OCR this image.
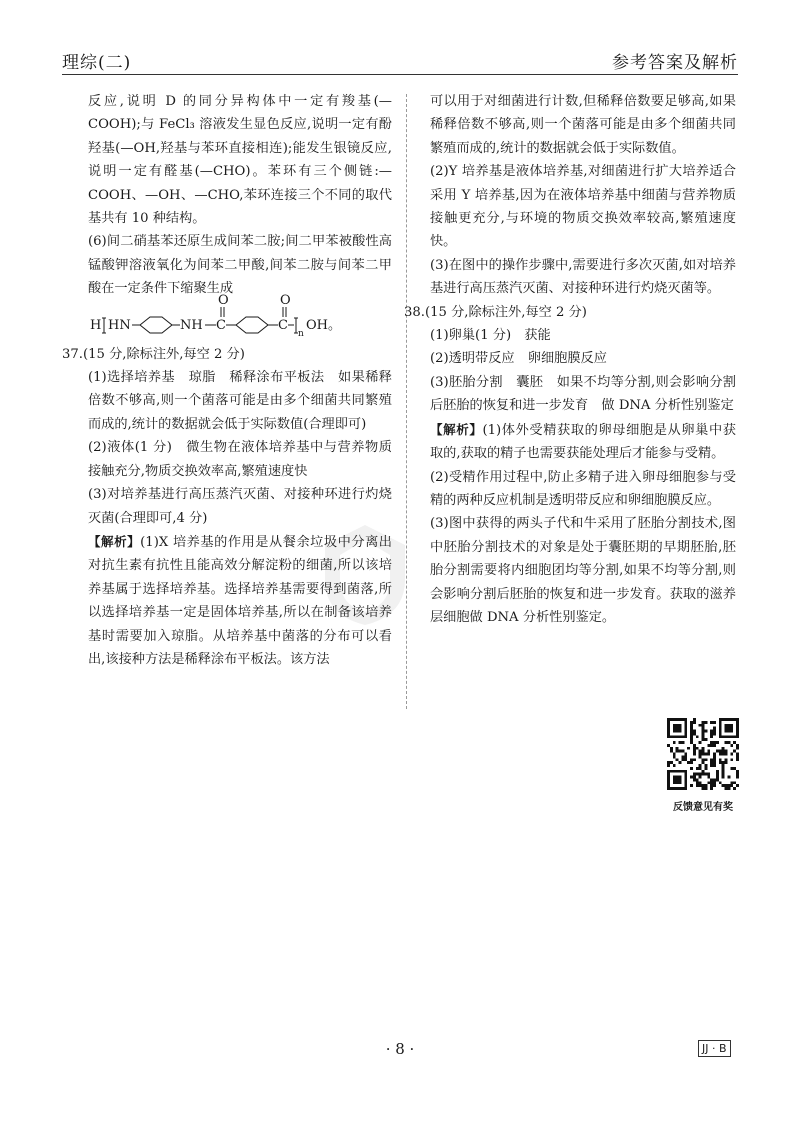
理综(二)	参考答案及解析
反应,说明 D 的同分异构体中一定有羧基(—COOH);与 FeCl₃ 溶液发生显色反应,说明一定有酚羟基(—OH,羟基与苯环直接相连);能发生银镜反应,说明一定有醛基(—CHO)。苯环有三个侧链:—COOH、—OH、—CHO,苯环连接三个不同的取代基共有 10 种结构。
(6)间二硝基苯还原生成间苯二胺;间二甲苯被酸性高锰酸钾溶液氧化为间苯二甲酸,间苯二胺与间苯二甲酸在一定条件下缩聚生成
H HN	NH C
O
C
O
n
OH。
37.(15 分,除标注外,每空 2 分)
(1)选择培养基　琼脂　稀释涂布平板法　如果稀释倍数不够高,则一个菌落可能是由多个细菌共同繁殖而成的,统计的数据就会低于实际数值(合理即可)
(2)液体(1 分)　微生物在液体培养基中与营养物质接触充分,物质交换效率高,繁殖速度快
(3)对培养基进行高压蒸汽灭菌、对接种环进行灼烧灭菌(合理即可,4 分)
【解析】(1)X 培养基的作用是从餐余垃圾中分离出对抗生素有抗性且能高效分解淀粉的细菌,所以该培养基属于选择培养基。选择培养基需要得到菌落,所以选择培养基一定是固体培养基,所以在制备该培养基时需要加入琼脂。从培养基中菌落的分布可以看出,该接种方法是稀释涂布平板法。该方法
可以用于对细菌进行计数,但稀释倍数要足够高,如果稀释倍数不够高,则一个菌落可能是由多个细菌共同繁殖而成的,统计的数据就会低于实际数值。
(2)Y 培养基是液体培养基,对细菌进行扩大培养适合采用 Y 培养基,因为在液体培养基中细菌与营养物质接触更充分,与环境的物质交换效率较高,繁殖速度快。
(3)在图中的操作步骤中,需要进行多次灭菌,如对培养基进行高压蒸汽灭菌、对接种环进行灼烧灭菌等。
38.(15 分,除标注外,每空 2 分)
(1)卵巢(1 分)　获能
(2)透明带反应　卵细胞膜反应
(3)胚胎分割　囊胚　如果不均等分割,则会影响分割后胚胎的恢复和进一步发育　做 DNA 分析性别鉴定
【解析】(1)体外受精获取的卵母细胞是从卵巢中获取的,获取的精子也需要获能处理后才能参与受精。
(2)受精作用过程中,防止多精子进入卵母细胞参与受精的两种反应机制是透明带反应和卵细胞膜反应。
(3)图中获得的两头子代和牛采用了胚胎分割技术,图中胚胎分割技术的对象是处于囊胚期的早期胚胎,胚胎分割需要将内细胞团均等分割,如果不均等分割,则会影响分割后胚胎的恢复和进一步发育。获取的滋养层细胞做 DNA 分析性别鉴定。
反馈意见有奖
· 8 ·	JJ · B
